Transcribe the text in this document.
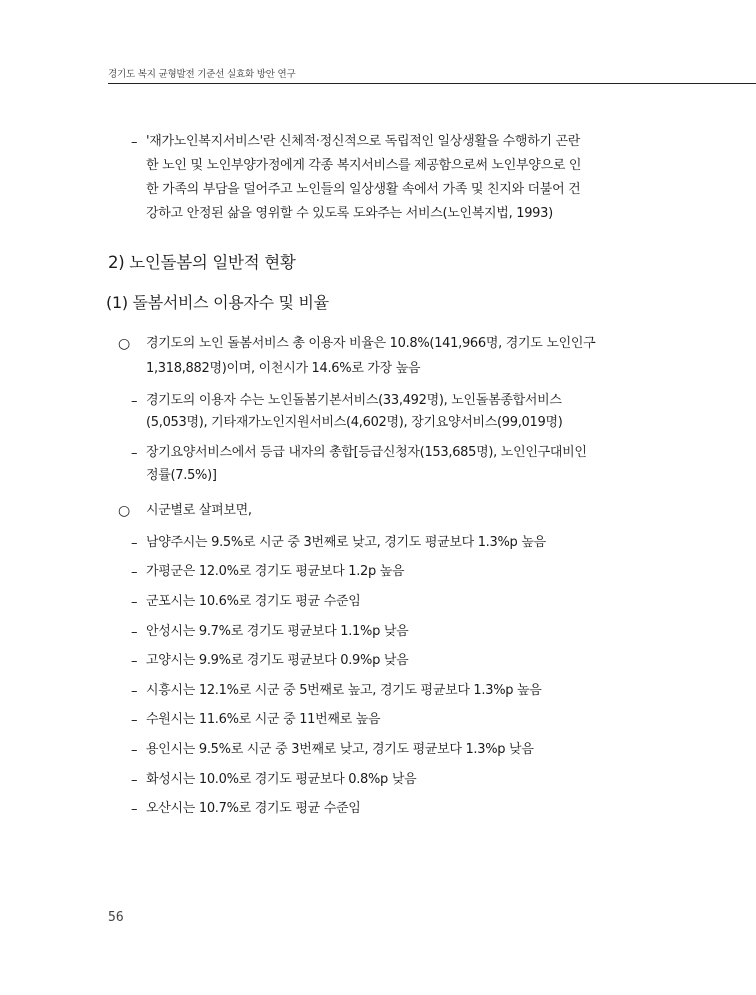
경기도 복지 균형발전 기준선 실효화 방안 연구
– '재가노인복지서비스'란 신체적·정신적으로 독립적인 일상생활을 수행하기 곤란
한 노인 및 노인부양가정에게 각종 복지서비스를 제공함으로써 노인부양으로 인
한 가족의 부담을 덜어주고 노인들의 일상생활 속에서 가족 및 친지와 더불어 건
강하고 안정된 삶을 영위할 수 있도록 도와주는 서비스(노인복지법, 1993)
2) 노인돌봄의 일반적 현황
(1) 돌봄서비스 이용자수 및 비율
○ 경기도의 노인 돌봄서비스 총 이용자 비율은 10.8%(141,966명, 경기도 노인인구
1,318,882명)이며, 이천시가 14.6%로 가장 높음
– 경기도의 이용자 수는 노인돌봄기본서비스(33,492명), 노인돌봄종합서비스
(5,053명), 기타재가노인지원서비스(4,602명), 장기요양서비스(99,019명)
– 장기요양서비스에서 등급 내자의 총합[등급신청자(153,685명), 노인인구대비인
정률(7.5%)]
○ 시군별로 살펴보면,
– 남양주시는 9.5%로 시군 중 3번째로 낮고, 경기도 평균보다 1.3%p 높음
– 가평군은 12.0%로 경기도 평균보다 1.2p 높음
– 군포시는 10.6%로 경기도 평균 수준임
– 안성시는 9.7%로 경기도 평균보다 1.1%p 낮음
– 고양시는 9.9%로 경기도 평균보다 0.9%p 낮음
– 시흥시는 12.1%로 시군 중 5번째로 높고, 경기도 평균보다 1.3%p 높음
– 수원시는 11.6%로 시군 중 11번째로 높음
– 용인시는 9.5%로 시군 중 3번째로 낮고, 경기도 평균보다 1.3%p 낮음
– 화성시는 10.0%로 경기도 평균보다 0.8%p 낮음
– 오산시는 10.7%로 경기도 평균 수준임
56
